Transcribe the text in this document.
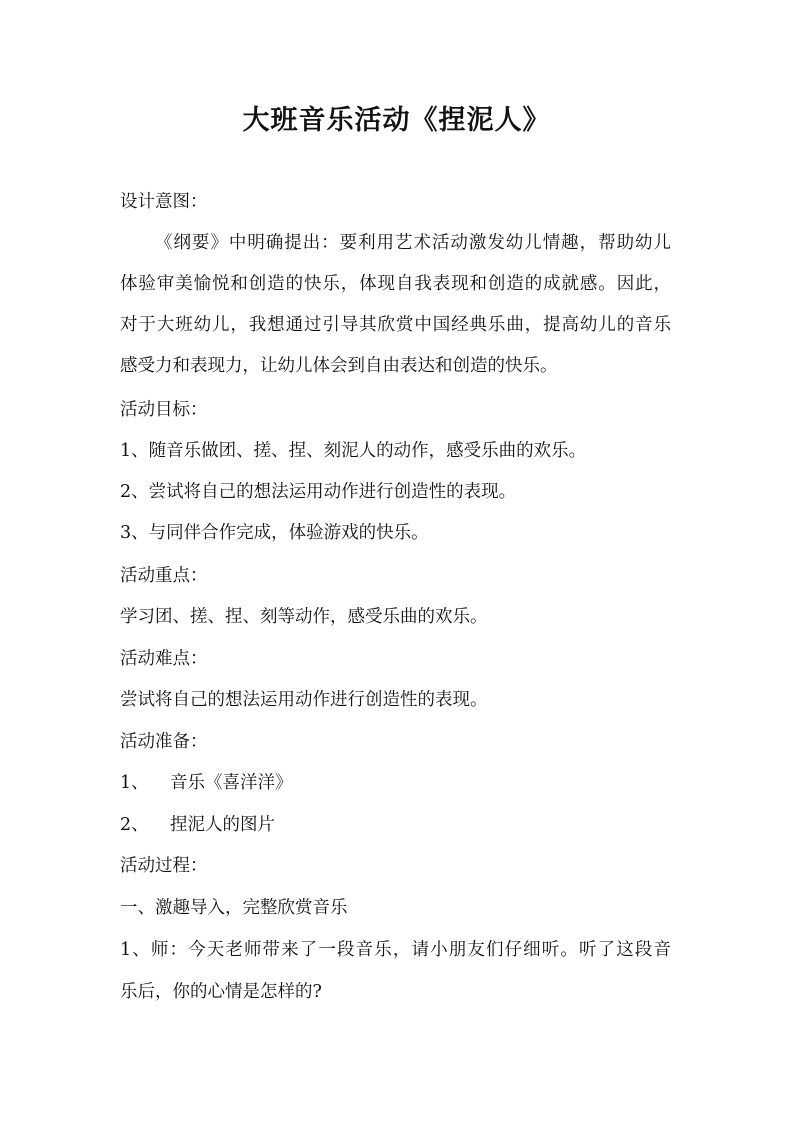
大班音乐活动《捏泥人》

设计意图：

《纲要》中明确提出：要利用艺术活动激发幼儿情趣，帮助幼儿

体验审美愉悦和创造的快乐，体现自我表现和创造的成就感。因此，

对于大班幼儿，我想通过引导其欣赏中国经典乐曲，提高幼儿的音乐

感受力和表现力，让幼儿体会到自由表达和创造的快乐。

活动目标：

1、随音乐做团、搓、捏、刻泥人的动作，感受乐曲的欢乐。

2、尝试将自己的想法运用动作进行创造性的表现。

3、与同伴合作完成，体验游戏的快乐。

活动重点：

学习团、搓、捏、刻等动作，感受乐曲的欢乐。

活动难点：

尝试将自己的想法运用动作进行创造性的表现。

活动准备：

1、 音乐《喜洋洋》

2、 捏泥人的图片

活动过程：

一、激趣导入，完整欣赏音乐

1、师：今天老师带来了一段音乐，请小朋友们仔细听。听了这段音

乐后，你的心情是怎样的?
